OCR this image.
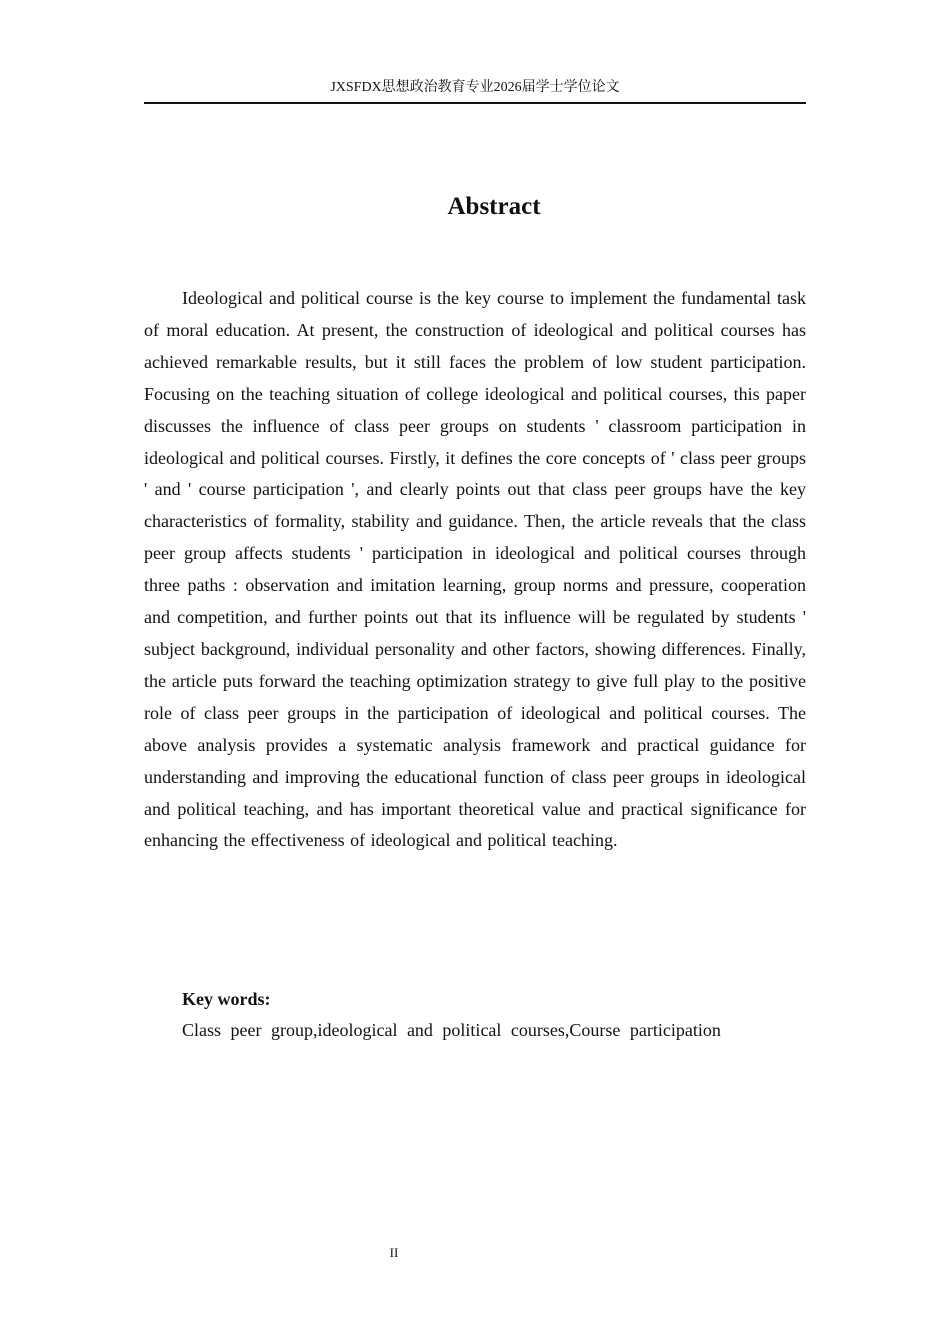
JXSFDX思想政治教育专业2026届学士学位论文
Abstract

Ideological and political course is the key course to implement the fundamental task of moral education. At present, the construction of ideological and political courses has achieved remarkable results, but it still faces the problem of low student participation. Focusing on the teaching situation of college ideological and political courses, this paper discusses the influence of class peer groups on students ' classroom participation in ideological and political courses. Firstly, it defines the core concepts of ' class peer groups ' and ' course participation ', and clearly points out that class peer groups have the key characteristics of formality, stability and guidance. Then, the article reveals that the class peer group affects students ' participation in ideological and political courses through three paths : observation and imitation learning, group norms and pressure, cooperation and competition, and further points out that its influence will be regulated by students ' subject background, individual personality and other factors, showing differences. Finally, the article puts forward the teaching optimization strategy to give full play to the positive role of class peer groups in the participation of ideological and political courses. The above analysis provides a systematic analysis framework and practical guidance for understanding and improving the educational function of class peer groups in ideological and political teaching, and has important theoretical value and practical significance for enhancing the effectiveness of ideological and political teaching.

Key words:

Class peer group,ideological and political courses,Course participation

II
